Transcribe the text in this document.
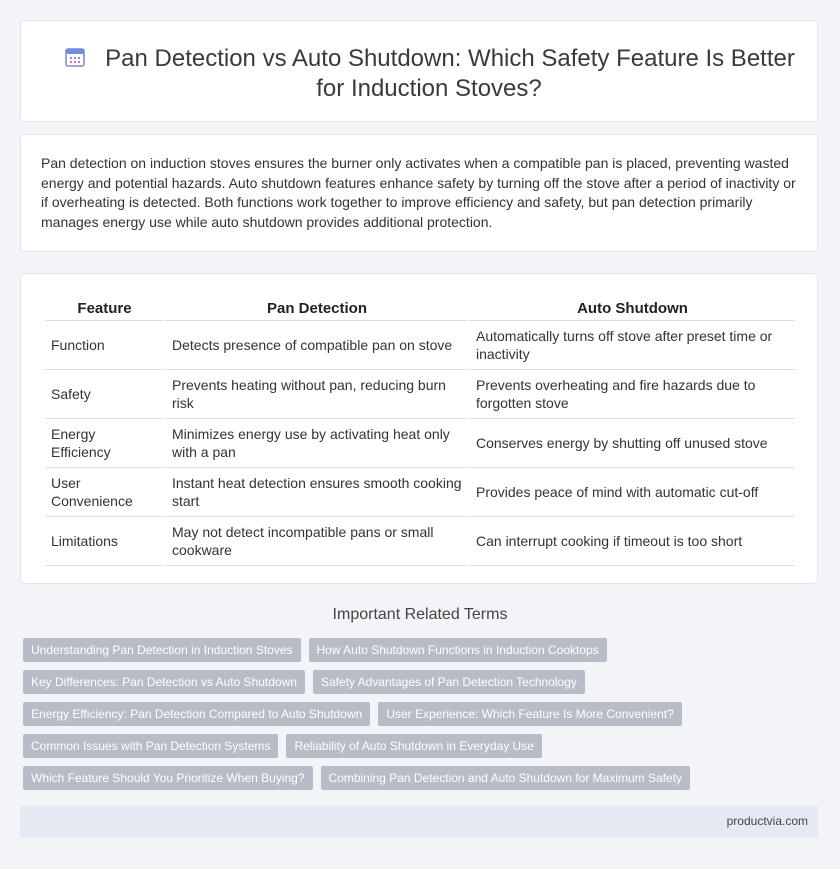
Pan Detection vs Auto Shutdown: Which Safety Feature Is Better for Induction Stoves?

Pan detection on induction stoves ensures the burner only activates when a compatible pan is placed, preventing wasted energy and potential hazards. Auto shutdown features enhance safety by turning off the stove after a period of inactivity or if overheating is detected. Both functions work together to improve efficiency and safety, but pan detection primarily manages energy use while auto shutdown provides additional protection.

Feature	Pan Detection	Auto Shutdown
Function	Detects presence of compatible pan on stove	Automatically turns off stove after preset time or inactivity
Safety	Prevents heating without pan, reducing burn risk	Prevents overheating and fire hazards due to forgotten stove
Energy Efficiency	Minimizes energy use by activating heat only with a pan	Conserves energy by shutting off unused stove
User Convenience	Instant heat detection ensures smooth cooking start	Provides peace of mind with automatic cut-off
Limitations	May not detect incompatible pans or small cookware	Can interrupt cooking if timeout is too short
Important Related Terms
Understanding Pan Detection in Induction Stoves How Auto Shutdown Functions in Induction Cooktops
Key Differences: Pan Detection vs Auto Shutdown Safety Advantages of Pan Detection Technology
Energy Efficiency: Pan Detection Compared to Auto Shutdown User Experience: Which Feature Is More Convenient?
Common Issues with Pan Detection Systems Reliability of Auto Shutdown in Everyday Use
Which Feature Should You Prioritize When Buying? Combining Pan Detection and Auto Shutdown for Maximum Safety
productvia.com
